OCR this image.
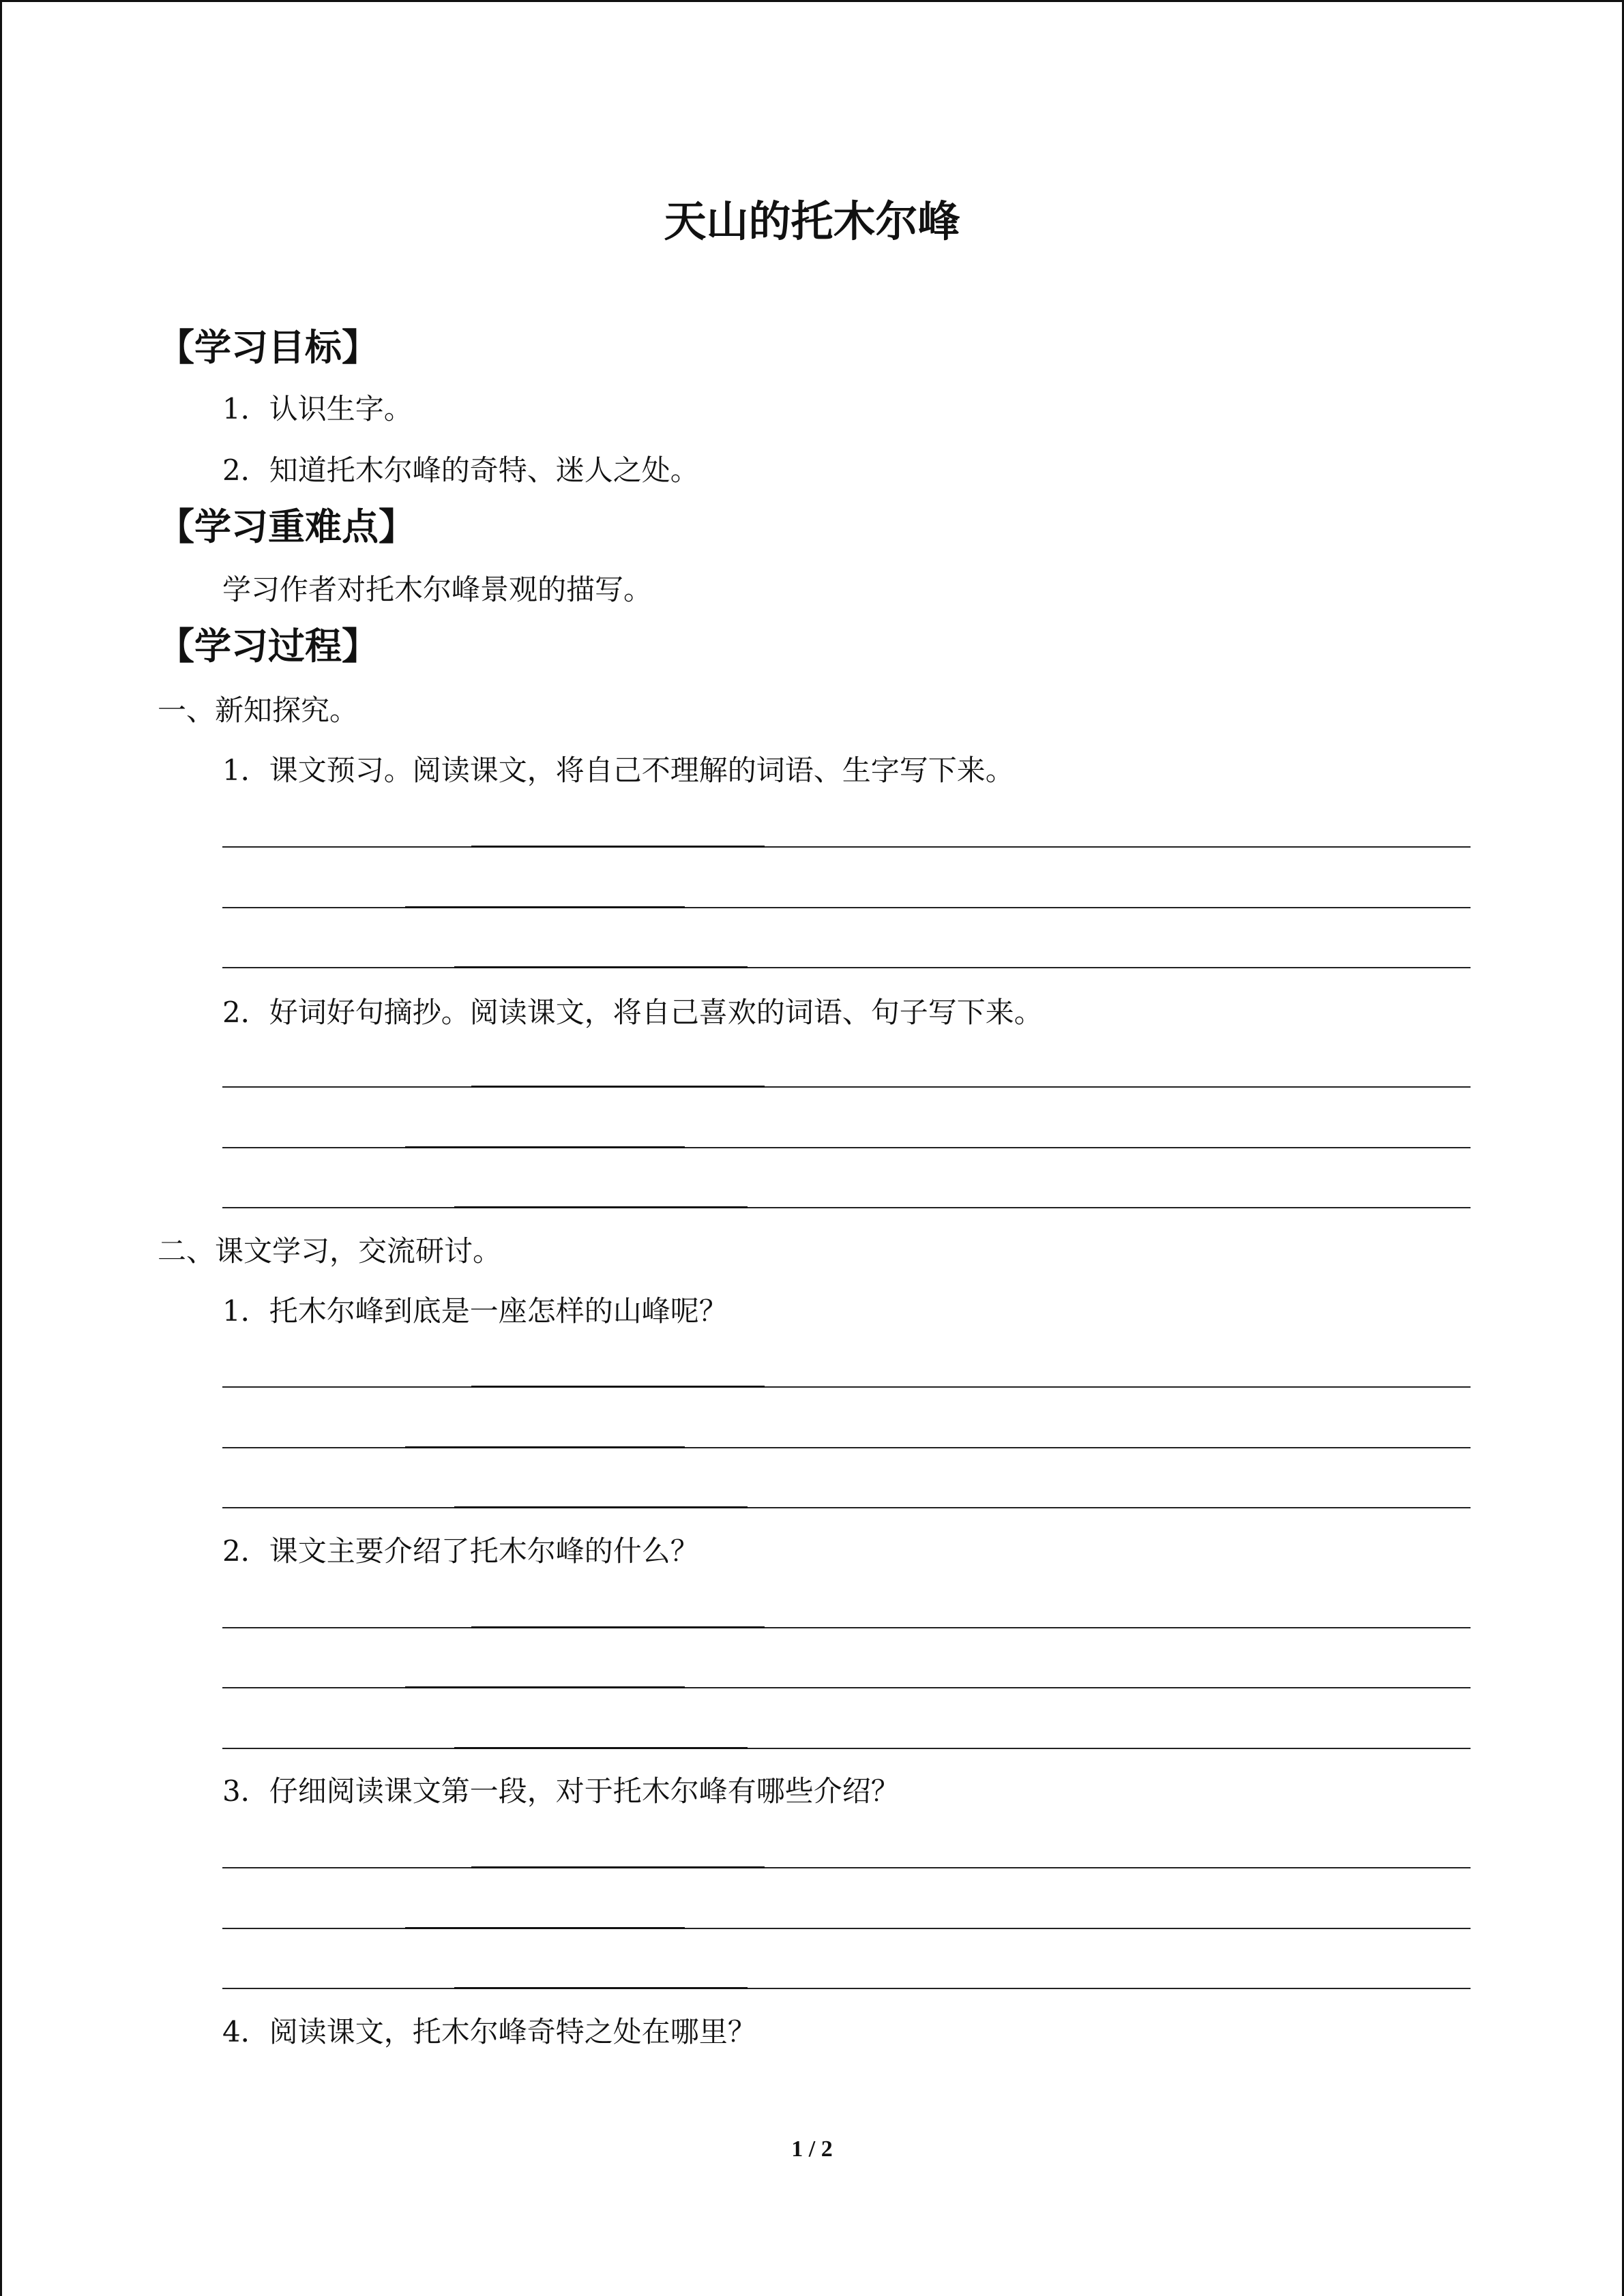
天山的托木尔峰
【学习目标】
1．认识生字。
2．知道托木尔峰的奇特、迷人之处。
【学习重难点】
学习作者对托木尔峰景观的描写。
【学习过程】
一、新知探究。
1．课文预习。阅读课文，将自己不理解的词语、生字写下来。
2．好词好句摘抄。阅读课文，将自己喜欢的词语、句子写下来。
二、课文学习，交流研讨。
1．托木尔峰到底是一座怎样的山峰呢？
2．课文主要介绍了托木尔峰的什么？
3．仔细阅读课文第一段，对于托木尔峰有哪些介绍？
4．阅读课文，托木尔峰奇特之处在哪里？
1 / 2
